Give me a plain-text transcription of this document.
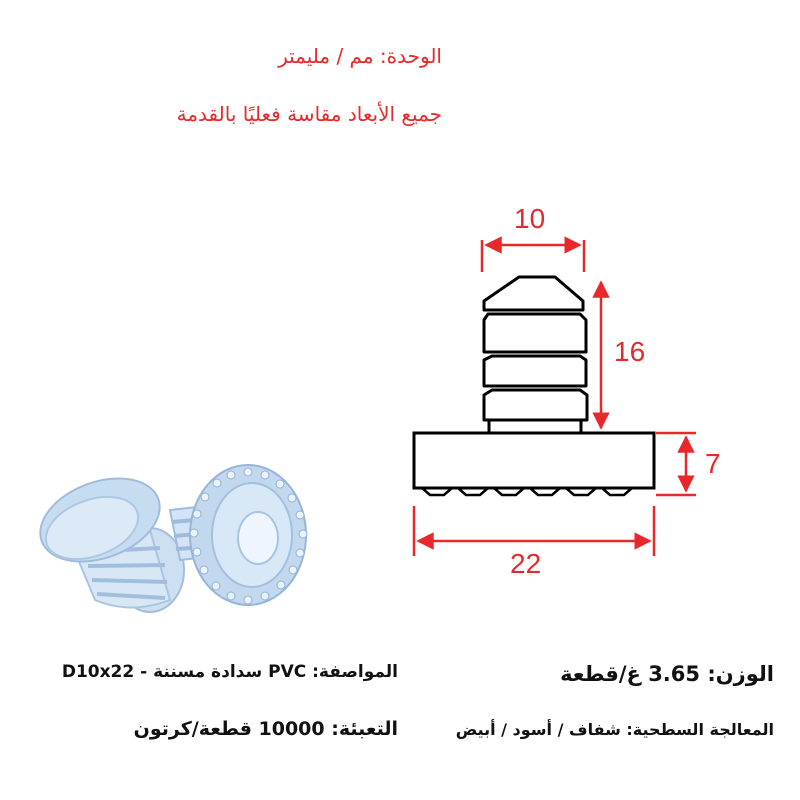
الوحدة: مم / مليمتر
جميع الأبعاد مقاسة فعليًا بالقدمة
10
16
7
22
المواصفة: PVC سدادة مسننة - D10x22	الوزن: 3.65 غ/قطعة
التعبئة: 10000 قطعة/كرتون	المعالجة السطحية: شفاف / أسود / أبيض
